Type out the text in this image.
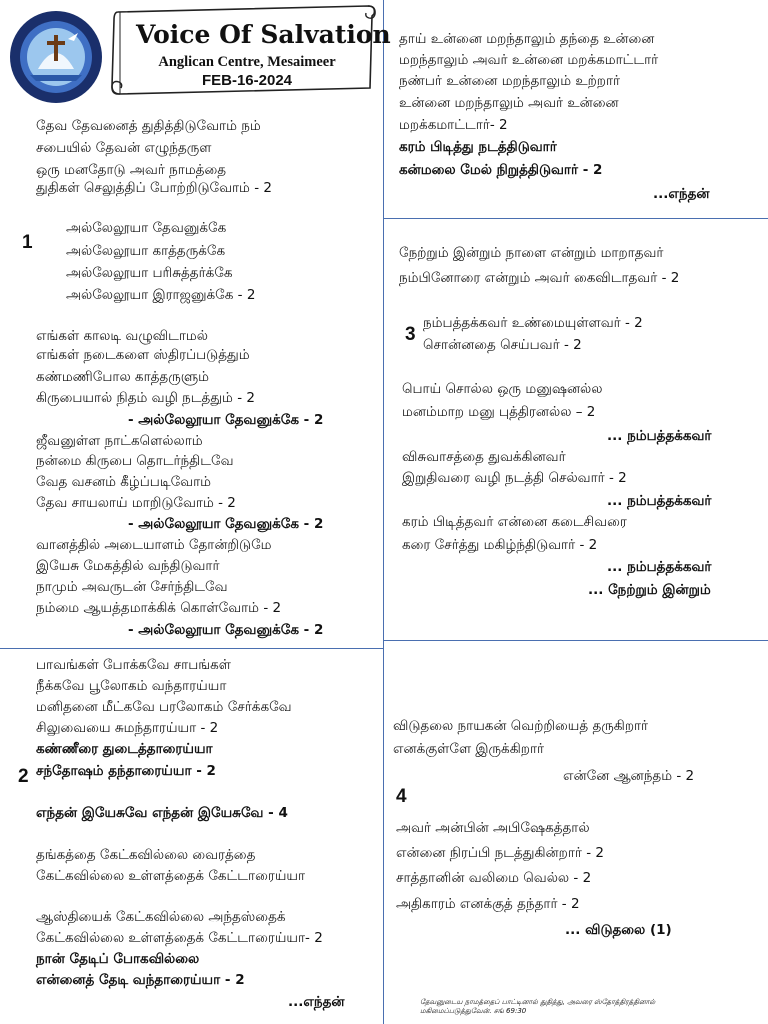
Voice Of Salvation
Anglican Centre, Mesaimeer
FEB-16-2024
1
தேவ தேவனைத் துதித்திடுவோம் நம்
சபையில் தேவன் எழுந்தருள
ஒரு மனதோடு அவர் நாமத்தை
துதிகள் செலுத்திப் போற்றிடுவோம் - 2
அல்லேலூயா தேவனுக்கே
அல்லேலூயா காத்தருக்கே
அல்லேலூயா பரிசுத்தர்க்கே
அல்லேலூயா இராஜனுக்கே - 2
எங்கள் காலடி வழுவிடாமல்
எங்கள் நடைகளை ஸ்திரப்படுத்தும்
கண்மணிபோல காத்தருளும்
கிருபையால் நிதம் வழி நடத்தும் - 2
- அல்லேலூயா தேவனுக்கே - 2
ஜீவனுள்ள நாட்களெல்லாம்
நன்மை கிருபை தொடர்ந்திடவே
வேத வசனம் கீழ்ப்படிவோம்
தேவ சாயலாய் மாறிடுவோம் - 2
- அல்லேலூயா தேவனுக்கே - 2
வானத்தில் அடையாளம் தோன்றிடுமே
இயேசு மேகத்தில் வந்திடுவார்
நாமும் அவருடன் சேர்ந்திடவே
நம்மை ஆயத்தமாக்கிக் கொள்வோம் - 2
- அல்லேலூயா தேவனுக்கே - 2
2
பாவங்கள் போக்கவே சாபங்கள்
நீக்கவே பூலோகம் வந்தாரய்யா
மனிதனை மீட்கவே பரலோகம் சேர்க்கவே
சிலுவையை சுமந்தாரய்யா - 2
கண்ணீரை துடைத்தாரைய்யா
சந்தோஷம் தந்தாரைய்யா - 2
எந்தன் இயேசுவே எந்தன் இயேசுவே - 4
தங்கத்தை கேட்கவில்லை வைரத்தை
கேட்கவில்லை உள்ளத்தைக் கேட்டாரைய்யா
ஆஸ்தியைக் கேட்கவில்லை அந்தஸ்தைக்
கேட்கவில்லை உள்ளத்தைக் கேட்டாரைய்யா- 2
நான் தேடிப் போகவில்லை
என்னைத் தேடி வந்தாரைய்யா - 2
...எந்தன்
தாய் உன்னை மறந்தாலும் தந்தை உன்னை
மறந்தாலும் அவர் உன்னை மறக்கமாட்டார்
நண்பர் உன்னை மறந்தாலும் உற்றார்
உன்னை மறந்தாலும் அவர் உன்னை
மறக்கமாட்டார்- 2
கரம் பிடித்து நடத்திடுவார்
கன்மலை மேல் நிறுத்திடுவார் - 2
...எந்தன்
நேற்றும் இன்றும் நாளை என்றும் மாறாதவர்
நம்பினோரை என்றும் அவர் கைவிடாதவர் - 2
3
நம்பத்தக்கவர் உண்மையுள்ளவர் - 2
சொன்னதை செய்பவர் - 2
பொய் சொல்ல ஒரு மனுஷனல்ல
மனம்மாற மனு புத்திரனல்ல – 2
... நம்பத்தக்கவர்
விசுவாசத்தை துவக்கினவர்
இறுதிவரை வழி நடத்தி செல்வார் - 2
... நம்பத்தக்கவர்
கரம் பிடித்தவர் என்னை கடைசிவரை
கரை சேர்த்து மகிழ்ந்திடுவார் - 2
... நம்பத்தக்கவர்
... நேற்றும் இன்றும்
விடுதலை நாயகன் வெற்றியைத் தருகிறார்
எனக்குள்ளே இருக்கிறார்
என்னே ஆனந்தம் - 2
4
அவர் அன்பின் அபிஷேகத்தால்
என்னை நிரப்பி நடத்துகின்றார் - 2
சாத்தானின் வலிமை வெல்ல - 2
அதிகாரம் எனக்குத் தந்தார் - 2
... விடுதலை (1)
தேவனுடைய நாமத்தைப் பாட்டினால் துதித்து, அவரை ஸ்தோத்திரத்தினால்
மகிமைப்படுத்துவேன். சங் 69:30
